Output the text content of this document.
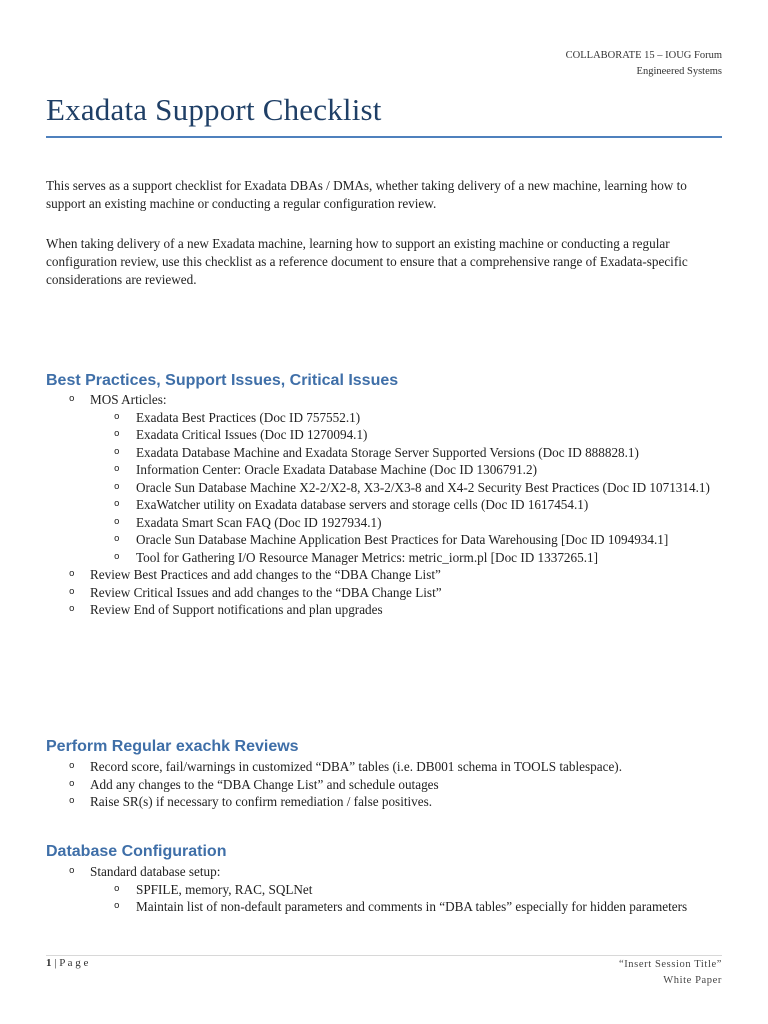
COLLABORATE 15 – IOUG Forum
Engineered Systems
Exadata Support Checklist

This serves as a support checklist for Exadata DBAs / DMAs, whether taking delivery of a new machine, learning how to support an existing machine or conducting a regular configuration review.

When taking delivery of a new Exadata machine, learning how to support an existing machine or conducting a regular configuration review, use this checklist as a reference document to ensure that a comprehensive range of Exadata-specific considerations are reviewed.

Best Practices, Support Issues, Critical Issues
o MOS Articles:
o Exadata Best Practices (Doc ID 757552.1)
o Exadata Critical Issues (Doc ID 1270094.1)
o Exadata Database Machine and Exadata Storage Server Supported Versions (Doc ID 888828.1)
o Information Center: Oracle Exadata Database Machine (Doc ID 1306791.2)
o Oracle Sun Database Machine X2-2/X2-8, X3-2/X3-8 and X4-2 Security Best Practices (Doc ID 1071314.1)
o ExaWatcher utility on Exadata database servers and storage cells (Doc ID 1617454.1)
o Exadata Smart Scan FAQ (Doc ID 1927934.1)
o Oracle Sun Database Machine Application Best Practices for Data Warehousing [Doc ID 1094934.1]
o Tool for Gathering I/O Resource Manager Metrics: metric_iorm.pl [Doc ID 1337265.1]
o Review Best Practices and add changes to the “DBA Change List”
o Review Critical Issues and add changes to the “DBA Change List”
o Review End of Support notifications and plan upgrades
Perform Regular exachk Reviews
o Record score, fail/warnings in customized “DBA” tables (i.e. DB001 schema in TOOLS tablespace).
o Add any changes to the “DBA Change List” and schedule outages
o Raise SR(s) if necessary to confirm remediation / false positives.
Database Configuration
o Standard database setup:
o SPFILE, memory, RAC, SQLNet
o Maintain list of non-default parameters and comments in “DBA tables” especially for hidden parameters
1 | P a g e	“Insert Session Title”
White Paper
